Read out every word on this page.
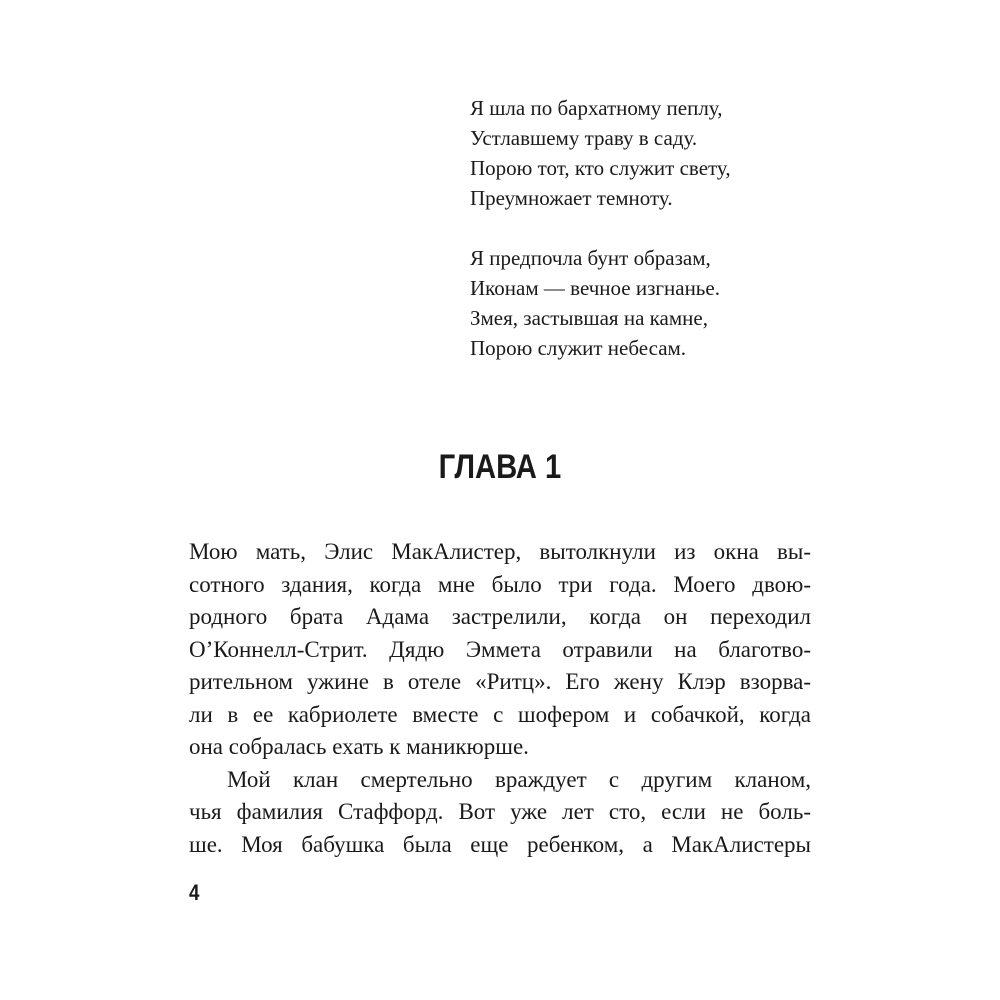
Я шла по бархатному пеплу,
Устлавшему траву в саду.
Порою тот, кто служит свету,
Преумножает темноту.

Я предпочла бунт образам,
Иконам — вечное изгнанье.
Змея, застывшая на камне,
Порою служит небесам.

ГЛАВА 1
Мою мать, Элис МакАлистер, вытолкнули из окна вы-
сотного здания, когда мне было три года. Моего двою-
родного брата Адама застрелили, когда он переходил
О’Коннелл-Стрит. Дядю Эммета отравили на благотво-
рительном ужине в отеле «Ритц». Его жену Клэр взорва-
ли в ее кабриолете вместе с шофером и собачкой, когда
она собралась ехать к маникюрше.
Мой клан смертельно враждует с другим кланом,
чья фамилия Стаффорд. Вот уже лет сто, если не боль-
ше. Моя бабушка была еще ребенком, а МакАлистеры
4
